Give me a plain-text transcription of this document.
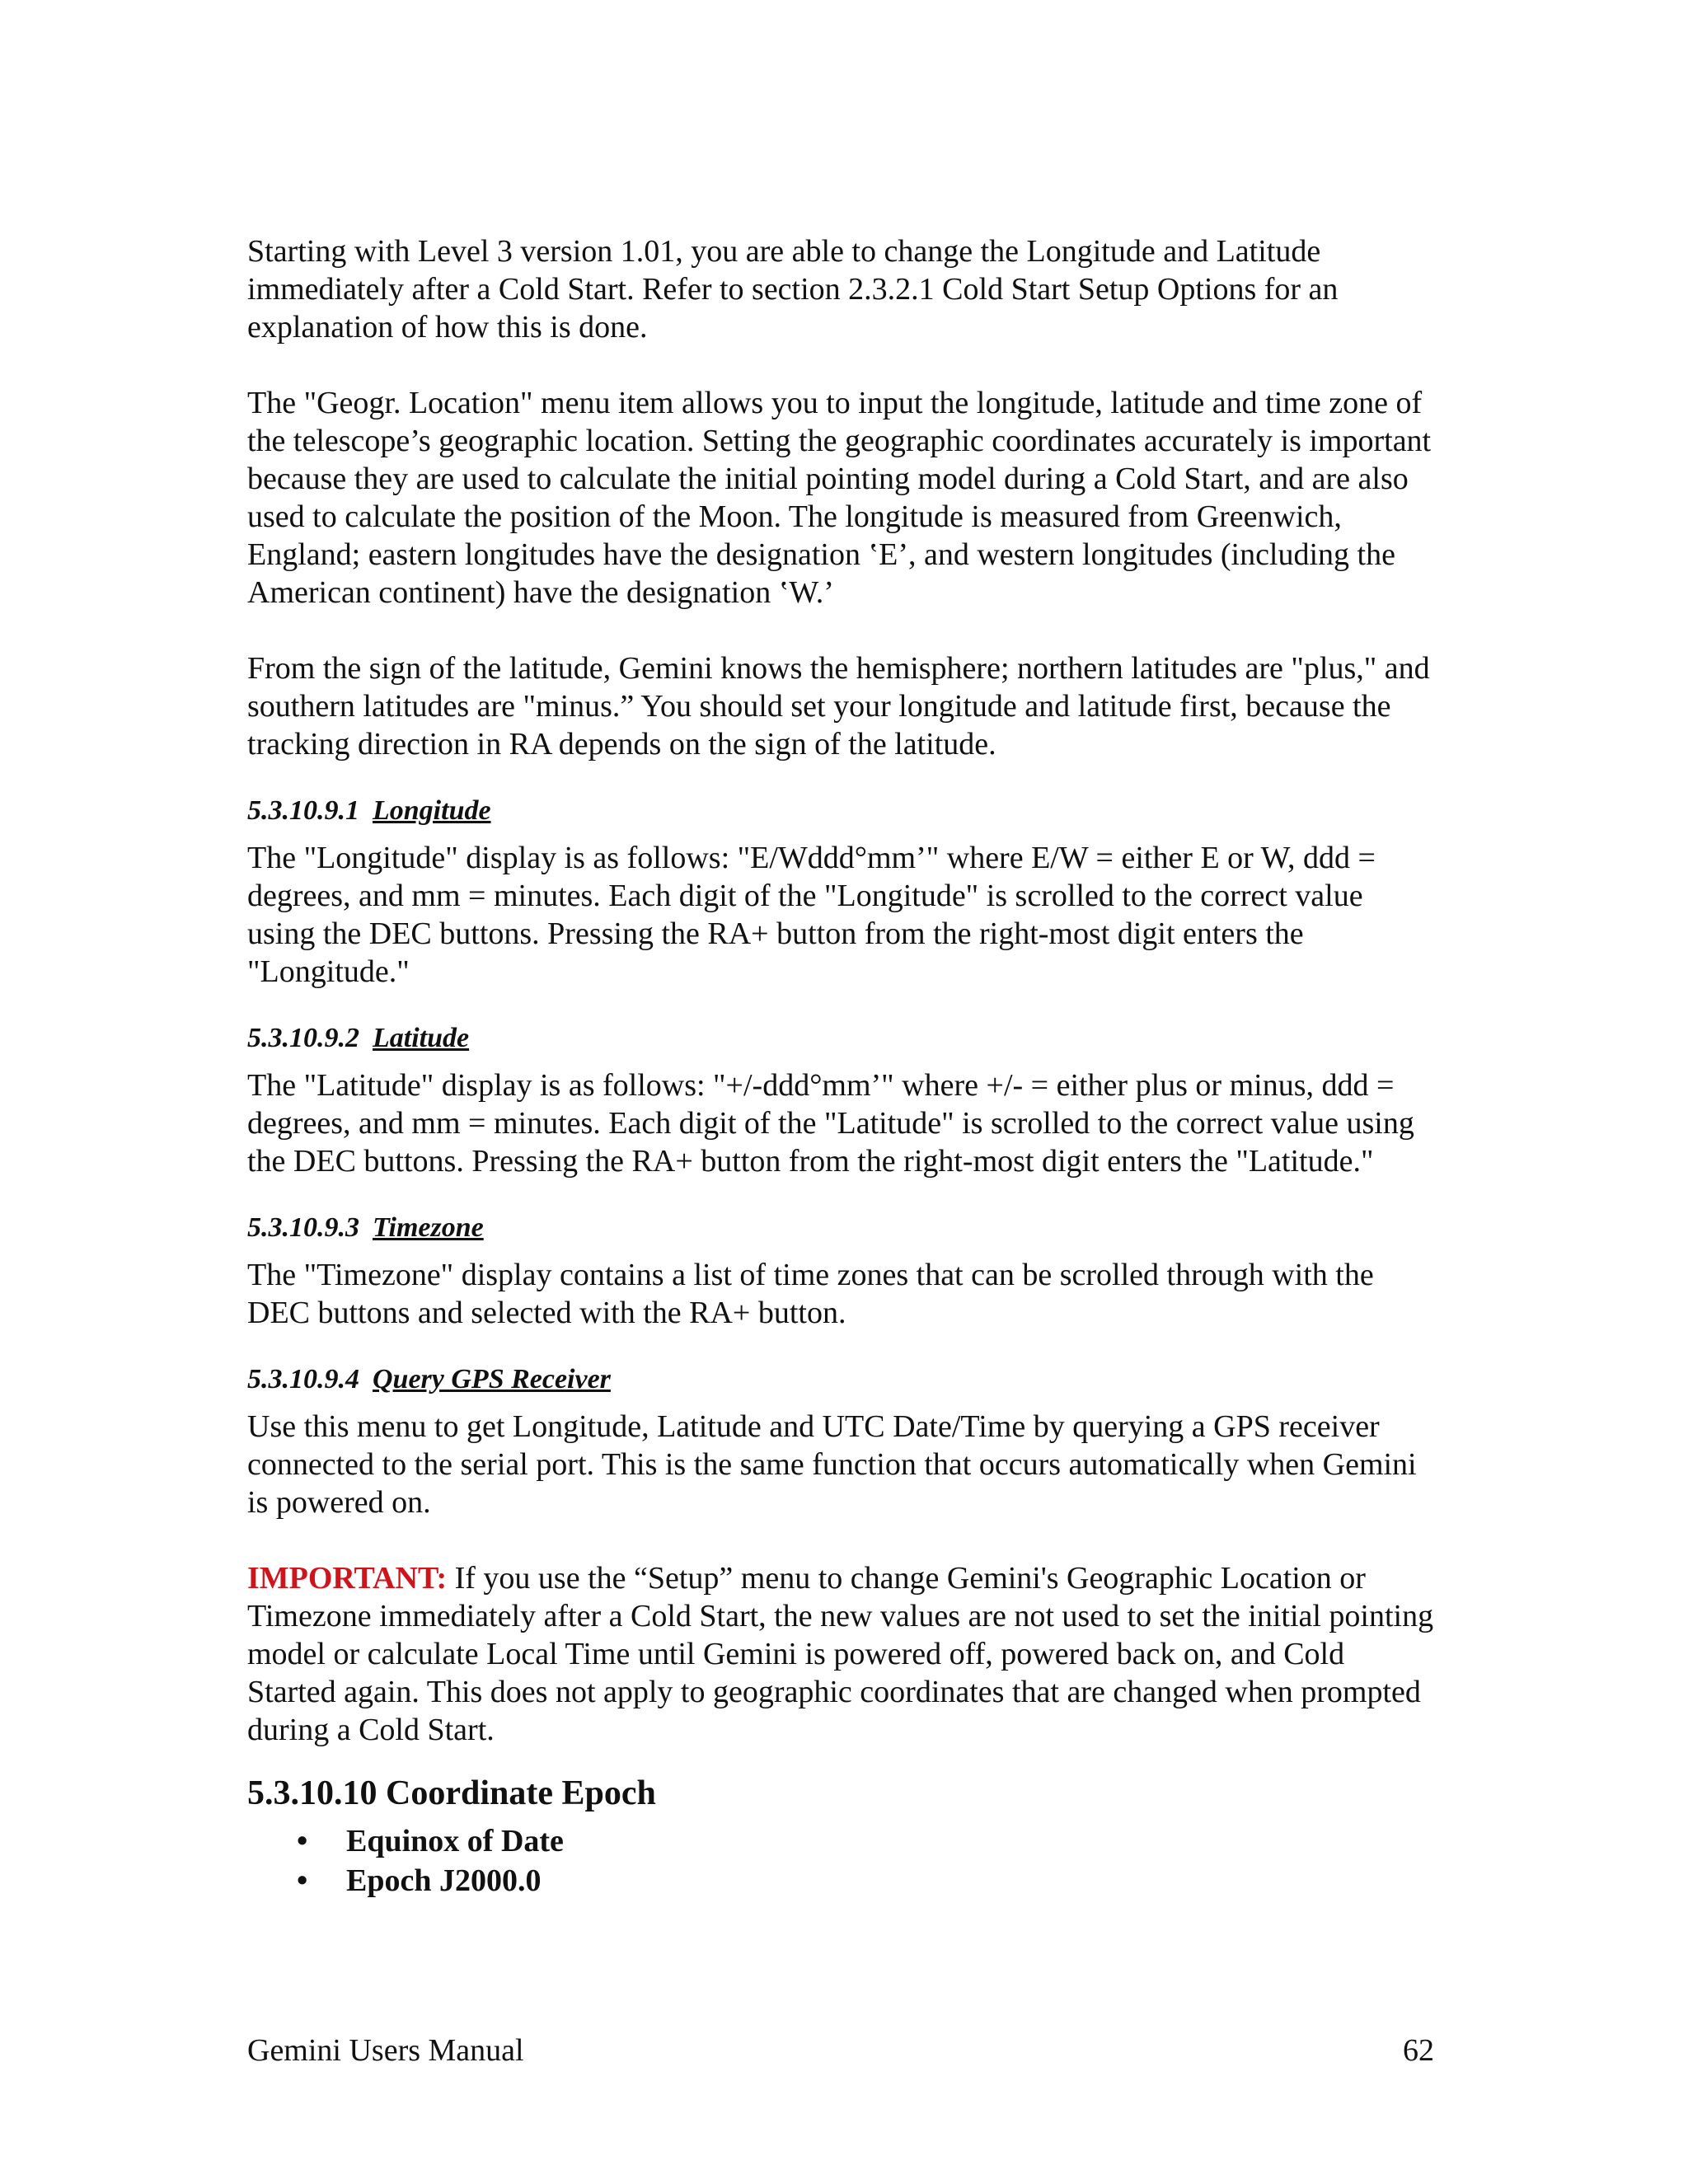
Starting with Level 3 version 1.01, you are able to change the Longitude and Latitude immediately after a Cold Start. Refer to section 2.3.2.1 Cold Start Setup Options for an explanation of how this is done.

The "Geogr. Location" menu item allows you to input the longitude, latitude and time zone of the telescope’s geographic location. Setting the geographic coordinates accurately is important because they are used to calculate the initial pointing model during a Cold Start, and are also used to calculate the position of the Moon. The longitude is measured from Greenwich, England; eastern longitudes have the designation ‛E’, and western longitudes (including the American continent) have the designation ‛W.’

From the sign of the latitude, Gemini knows the hemisphere; northern latitudes are "plus," and southern latitudes are "minus.” You should set your longitude and latitude first, because the tracking direction in RA depends on the sign of the latitude.

5.3.10.9.1 Longitude

The "Longitude" display is as follows: "E/Wddd°mm’" where E/W = either E or W, ddd = degrees, and mm = minutes. Each digit of the "Longitude" is scrolled to the correct value using the DEC buttons. Pressing the RA+ button from the right-most digit enters the "Longitude."

5.3.10.9.2 Latitude

The "Latitude" display is as follows: "+/-ddd°mm’" where +/- = either plus or minus, ddd = degrees, and mm = minutes. Each digit of the "Latitude" is scrolled to the correct value using the DEC buttons. Pressing the RA+ button from the right-most digit enters the "Latitude."

5.3.10.9.3 Timezone

The "Timezone" display contains a list of time zones that can be scrolled through with the DEC buttons and selected with the RA+ button.

5.3.10.9.4 Query GPS Receiver

Use this menu to get Longitude, Latitude and UTC Date/Time by querying a GPS receiver connected to the serial port. This is the same function that occurs automatically when Gemini is powered on.

IMPORTANT: If you use the “Setup” menu to change Gemini's Geographic Location or Timezone immediately after a Cold Start, the new values are not used to set the initial pointing model or calculate Local Time until Gemini is powered off, powered back on, and Cold Started again. This does not apply to geographic coordinates that are changed when prompted during a Cold Start.

5.3.10.10 Coordinate Epoch
• Equinox of Date
• Epoch J2000.0
Gemini Users Manual	62
